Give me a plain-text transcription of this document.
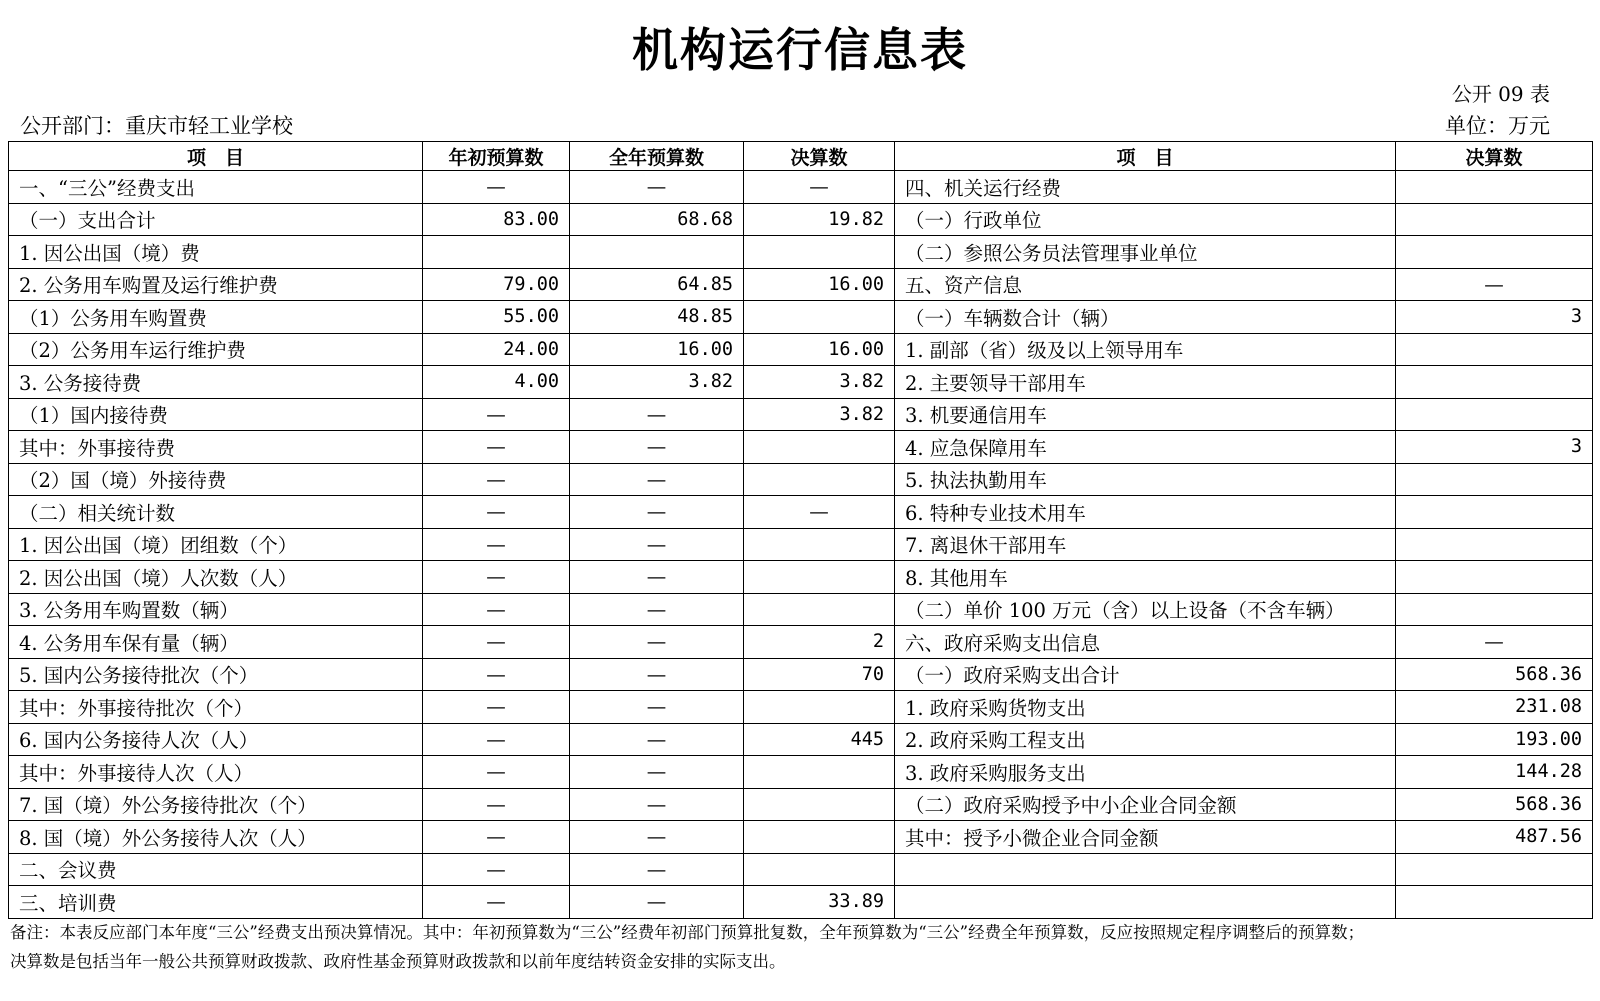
机构运行信息表
公开 09 表
公开部门：重庆市轻工业学校	单位：万元
项　目	年初预算数	全年预算数	决算数	项　目	决算数
一、“三公”经费支出	—	—	—	四、机关运行经费	
（一）支出合计	83.00	68.68	19.82	（一）行政单位	
1. 因公出国（境）费				（二）参照公务员法管理事业单位	
2. 公务用车购置及运行维护费	79.00	64.85	16.00	五、资产信息	—
（1）公务用车购置费	55.00	48.85		（一）车辆数合计（辆）	3
（2）公务用车运行维护费	24.00	16.00	16.00	1. 副部（省）级及以上领导用车	
3. 公务接待费	4.00	3.82	3.82	2. 主要领导干部用车	
（1）国内接待费	—	—	3.82	3. 机要通信用车	
其中：外事接待费	—	—		4. 应急保障用车	3
（2）国（境）外接待费	—	—		5. 执法执勤用车	
（二）相关统计数	—	—	—	6. 特种专业技术用车	
1. 因公出国（境）团组数（个）	—	—		7. 离退休干部用车	
2. 因公出国（境）人次数（人）	—	—		8. 其他用车	
3. 公务用车购置数（辆）	—	—		（二）单价 100 万元（含）以上设备（不含车辆）	
4. 公务用车保有量（辆）	—	—	2	六、政府采购支出信息	—
5. 国内公务接待批次（个）	—	—	70	（一）政府采购支出合计	568.36
其中：外事接待批次（个）	—	—		1. 政府采购货物支出	231.08
6. 国内公务接待人次（人）	—	—	445	2. 政府采购工程支出	193.00
其中：外事接待人次（人）	—	—		3. 政府采购服务支出	144.28
7. 国（境）外公务接待批次（个）	—	—		（二）政府采购授予中小企业合同金额	568.36
8. 国（境）外公务接待人次（人）	—	—		其中：授予小微企业合同金额	487.56
二、会议费	—	—			
三、培训费	—	—	33.89		
备注：本表反应部门本年度“三公”经费支出预决算情况。其中：年初预算数为“三公”经费年初部门预算批复数，全年预算数为“三公”经费全年预算数，反应按照规定程序调整后的预算数；
决算数是包括当年一般公共预算财政拨款、政府性基金预算财政拨款和以前年度结转资金安排的实际支出。
